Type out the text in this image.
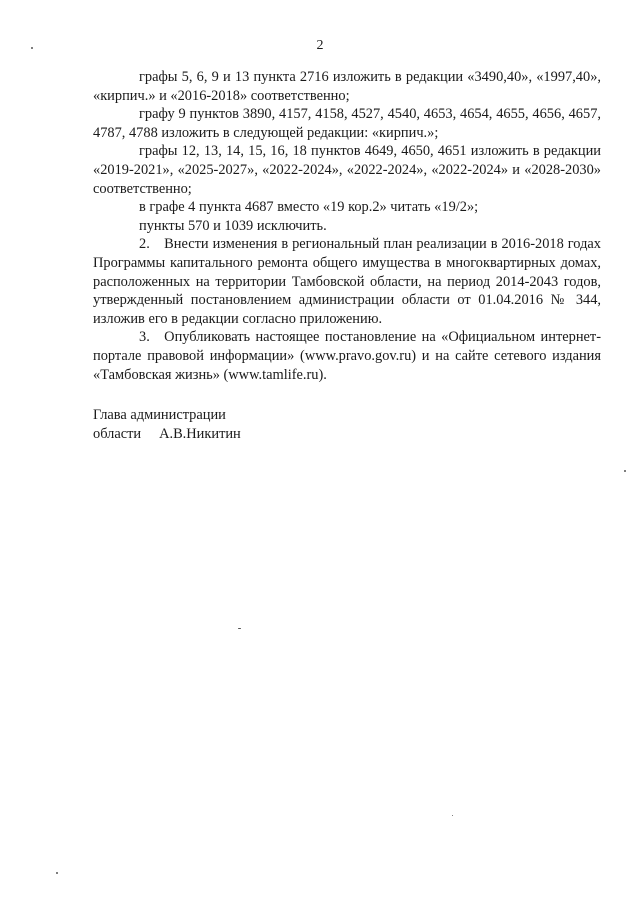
2

графы 5, 6, 9 и 13 пункта 2716 изложить в редакции «3490,40», «1997,40», «кирпич.» и «2016-2018» соответственно;

графу 9 пунктов 3890, 4157, 4158, 4527, 4540, 4653, 4654, 4655, 4656, 4657, 4787, 4788 изложить в следующей редакции: «кирпич.»;

графы 12, 13, 14, 15, 16, 18 пунктов 4649, 4650, 4651 изложить в редакции «2019-2021», «2025-2027», «2022-2024», «2022-2024», «2022-2024» и «2028-2030» соответственно;

в графе 4 пункта 4687 вместо «19 кор.2» читать «19/2»;

пункты 570 и 1039 исключить.

2. Внести изменения в региональный план реализации в 2016-2018 годах Программы капитального ремонта общего имущества в многоквартирных домах, расположенных на территории Тамбовской области, на период 2014-2043 годов, утвержденный постановлением администрации области от 01.04.2016 № 344, изложив его в редакции согласно приложению.

3. Опубликовать настоящее постановление на «Официальном интернет-портале правовой информации» (www.pravo.gov.ru) и на сайте сетевого издания «Тамбовская жизнь» (www.tamlife.ru).

Глава администрации
области     А.В.Никитин
